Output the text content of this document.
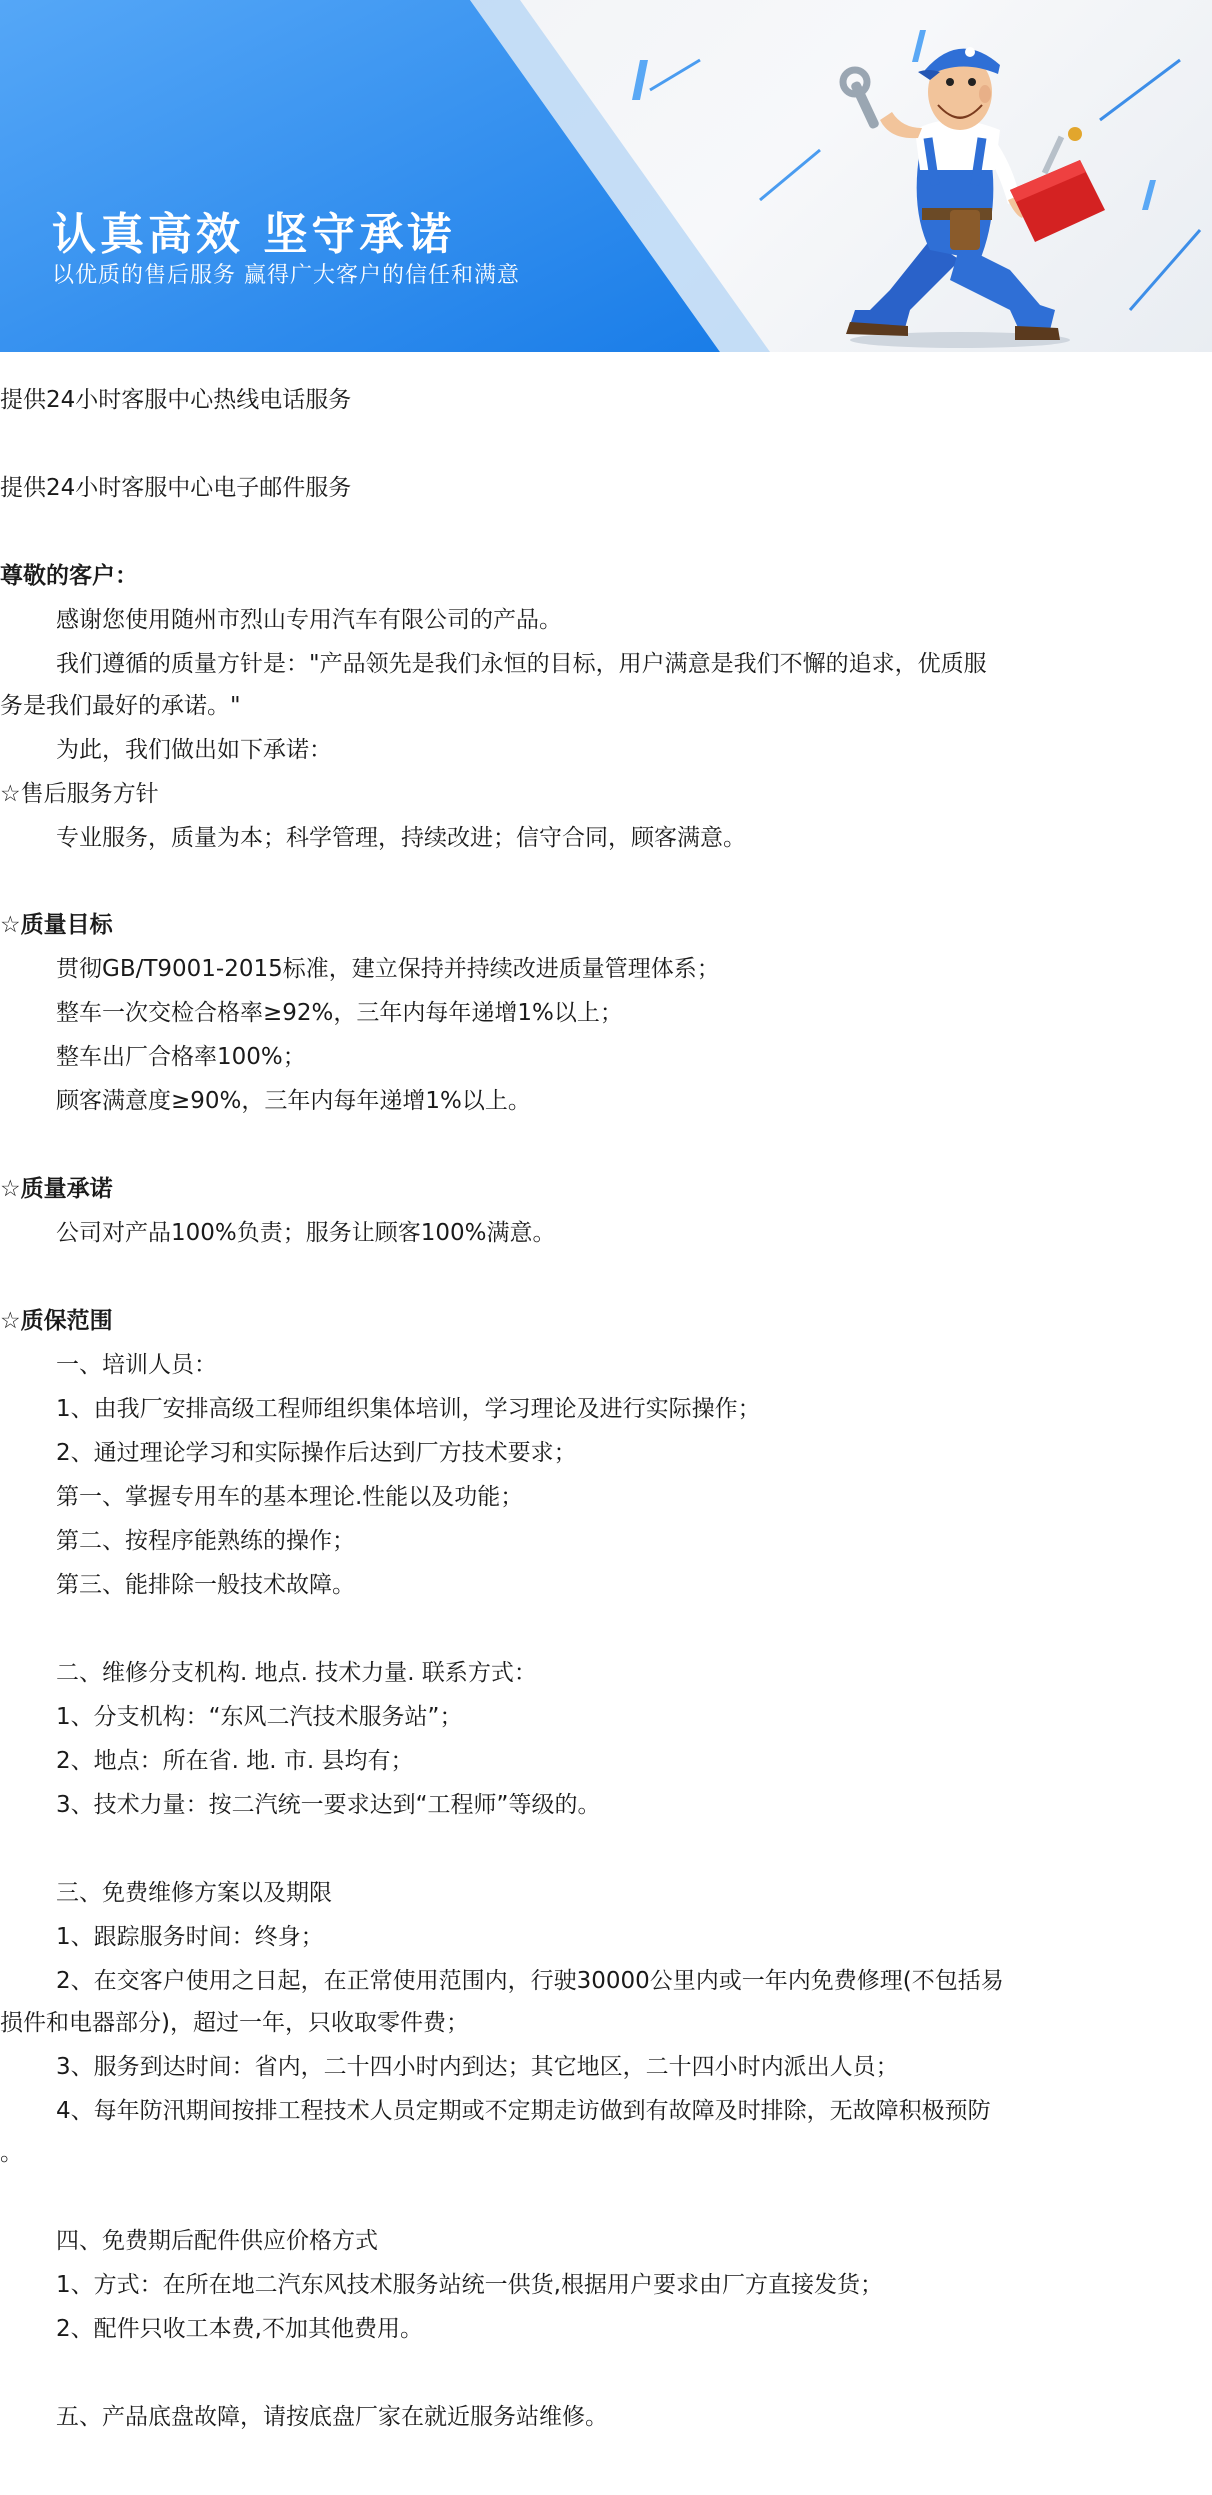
认真高效 坚守承诺
以优质的售后服务 赢得广大客户的信任和满意
提供24小时客服中心热线电话服务
提供24小时客服中心电子邮件服务
尊敬的客户：
感谢您使用随州市烈山专用汽车有限公司的产品。
我们遵循的质量方针是："产品领先是我们永恒的目标，用户满意是我们不懈的追求，优质服
务是我们最好的承诺。"
为此，我们做出如下承诺：
☆售后服务方针
专业服务，质量为本；科学管理，持续改进；信守合同，顾客满意。
☆质量目标
贯彻GB/T9001-2015标准，建立保持并持续改进质量管理体系；
整车一次交检合格率≥92%，三年内每年递增1%以上；
整车出厂合格率100%；
顾客满意度≥90%，三年内每年递增1%以上。
☆质量承诺
公司对产品100%负责；服务让顾客100%满意。
☆质保范围
一、培训人员：
1、由我厂安排高级工程师组织集体培训，学习理论及进行实际操作；
2、通过理论学习和实际操作后达到厂方技术要求；
第一、掌握专用车的基本理论.性能以及功能；
第二、按程序能熟练的操作；
第三、能排除一般技术故障。
二、维修分支机构. 地点. 技术力量. 联系方式：
1、分支机构：“东风二汽技术服务站”；
2、地点：所在省. 地. 市. 县均有；
3、技术力量：按二汽统一要求达到“工程师”等级的。
三、免费维修方案以及期限
1、跟踪服务时间：终身；
2、在交客户使用之日起，在正常使用范围内，行驶30000公里内或一年内免费修理(不包括易
损件和电器部分)，超过一年，只收取零件费；
3、服务到达时间：省内，二十四小时内到达；其它地区，二十四小时内派出人员；
4、每年防汛期间按排工程技术人员定期或不定期走访做到有故障及时排除，无故障积极预防
。
四、免费期后配件供应价格方式
1、方式：在所在地二汽东风技术服务站统一供货,根据用户要求由厂方直接发货；
2、配件只收工本费,不加其他费用。
五、产品底盘故障，请按底盘厂家在就近服务站维修。
